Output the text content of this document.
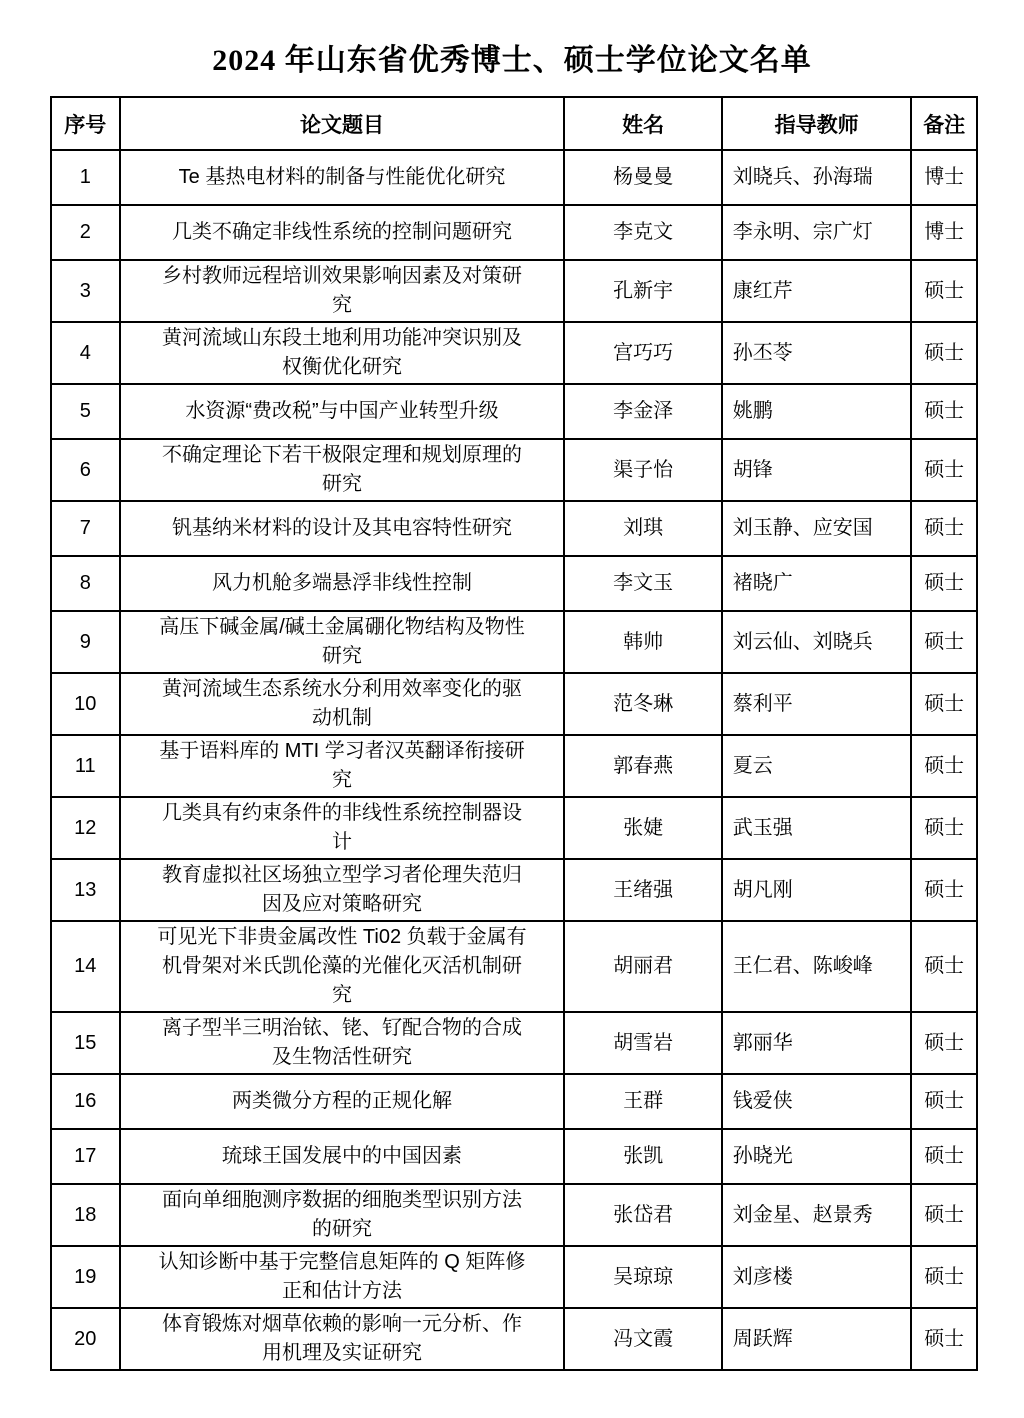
2024 年山东省优秀博士、硕士学位论文名单
序号	论文题目	姓名	指导教师	备注
1	Te 基热电材料的制备与性能优化研究	杨曼曼	刘晓兵、孙海瑞	博士
2	几类不确定非线性系统的控制问题研究	李克文	李永明、宗广灯	博士
3	乡村教师远程培训效果影响因素及对策研究	孔新宇	康红芹	硕士
4	黄河流域山东段土地利用功能冲突识别及权衡优化研究	宫巧巧	孙丕苓	硕士
5	水资源“费改税”与中国产业转型升级	李金泽	姚鹏	硕士
6	不确定理论下若干极限定理和规划原理的研究	渠子怡	胡锋	硕士
7	钒基纳米材料的设计及其电容特性研究	刘琪	刘玉静、应安国	硕士
8	风力机舱多端悬浮非线性控制	李文玉	褚晓广	硕士
9	高压下碱金属/碱土金属硼化物结构及物性研究	韩帅	刘云仙、刘晓兵	硕士
10	黄河流域生态系统水分利用效率变化的驱动机制	范冬琳	蔡利平	硕士
11	基于语料库的 MTI 学习者汉英翻译衔接研究	郭春燕	夏云	硕士
12	几类具有约束条件的非线性系统控制器设计	张婕	武玉强	硕士
13	教育虚拟社区场独立型学习者伦理失范归因及应对策略研究	王绪强	胡凡刚	硕士
14	可见光下非贵金属改性 Ti02 负载于金属有机骨架对米氏凯伦藻的光催化灭活机制研究	胡丽君	王仁君、陈峻峰	硕士
15	离子型半三明治铱、铑、钌配合物的合成及生物活性研究	胡雪岩	郭丽华	硕士
16	两类微分方程的正规化解	王群	钱爱侠	硕士
17	琉球王国发展中的中国因素	张凯	孙晓光	硕士
18	面向单细胞测序数据的细胞类型识别方法的研究	张岱君	刘金星、赵景秀	硕士
19	认知诊断中基于完整信息矩阵的 Q 矩阵修正和估计方法	吴琼琼	刘彦楼	硕士
20	体育锻炼对烟草依赖的影响一元分析、作用机理及实证研究	冯文霞	周跃辉	硕士
